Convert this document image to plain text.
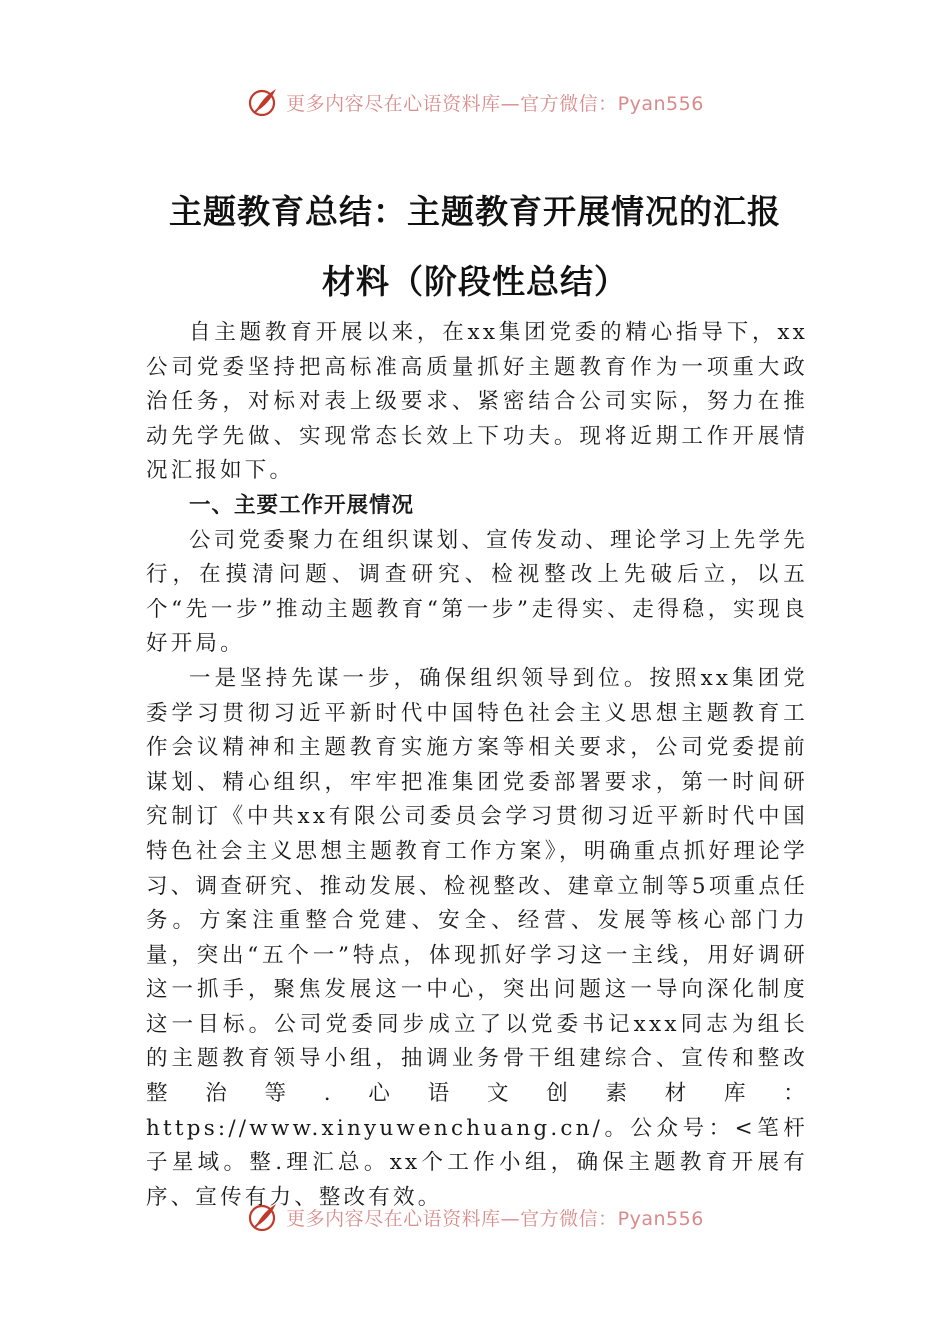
更多内容尽在心语资料库—官方微信：Pyan556
主题教育总结：主题教育开展情况的汇报
材料（阶段性总结）

自主题教育开展以来，在xx集团党委的精心指导下，xx公司党委坚持把高标准高质量抓好主题教育作为一项重大政治任务，对标对表上级要求、紧密结合公司实际，努力在推动先学先做、实现常态长效上下功夫。现将近期工作开展情况汇报如下。

一、主要工作开展情况

公司党委聚力在组织谋划、宣传发动、理论学习上先学先行，在摸清问题、调查研究、检视整改上先破后立，以五个“先一步”推动主题教育“第一步”走得实、走得稳，实现良好开局。

一是坚持先谋一步，确保组织领导到位。按照xx集团党委学习贯彻习近平新时代中国特色社会主义思想主题教育工作会议精神和主题教育实施方案等相关要求，公司党委提前谋划、精心组织，牢牢把准集团党委部署要求，第一时间研究制订《中共xx有限公司委员会学习贯彻习近平新时代中国特色社会主义思想主题教育工作方案》，明确重点抓好理论学习、调查研究、推动发展、检视整改、建章立制等5项重点任务。方案注重整合党建、安全、经营、发展等核心部门力量，突出“五个一”特点，体现抓好学习这一主线，用好调研这一抓手，聚焦发展这一中心，突出问题这一导向深化制度这一目标。公司党委同步成立了以党委书记xxx同志为组长的主题教育领导小组，抽调业务骨干组建综合、宣传和整改整治等.心语文创素材库：https://www.xinyuwenchuang.cn/。公众号：<笔杆子星域。整.理汇总。xx个工作小组，确保主题教育开展有序、宣传有力、整改有效。

更多内容尽在心语资料库—官方微信：Pyan556
